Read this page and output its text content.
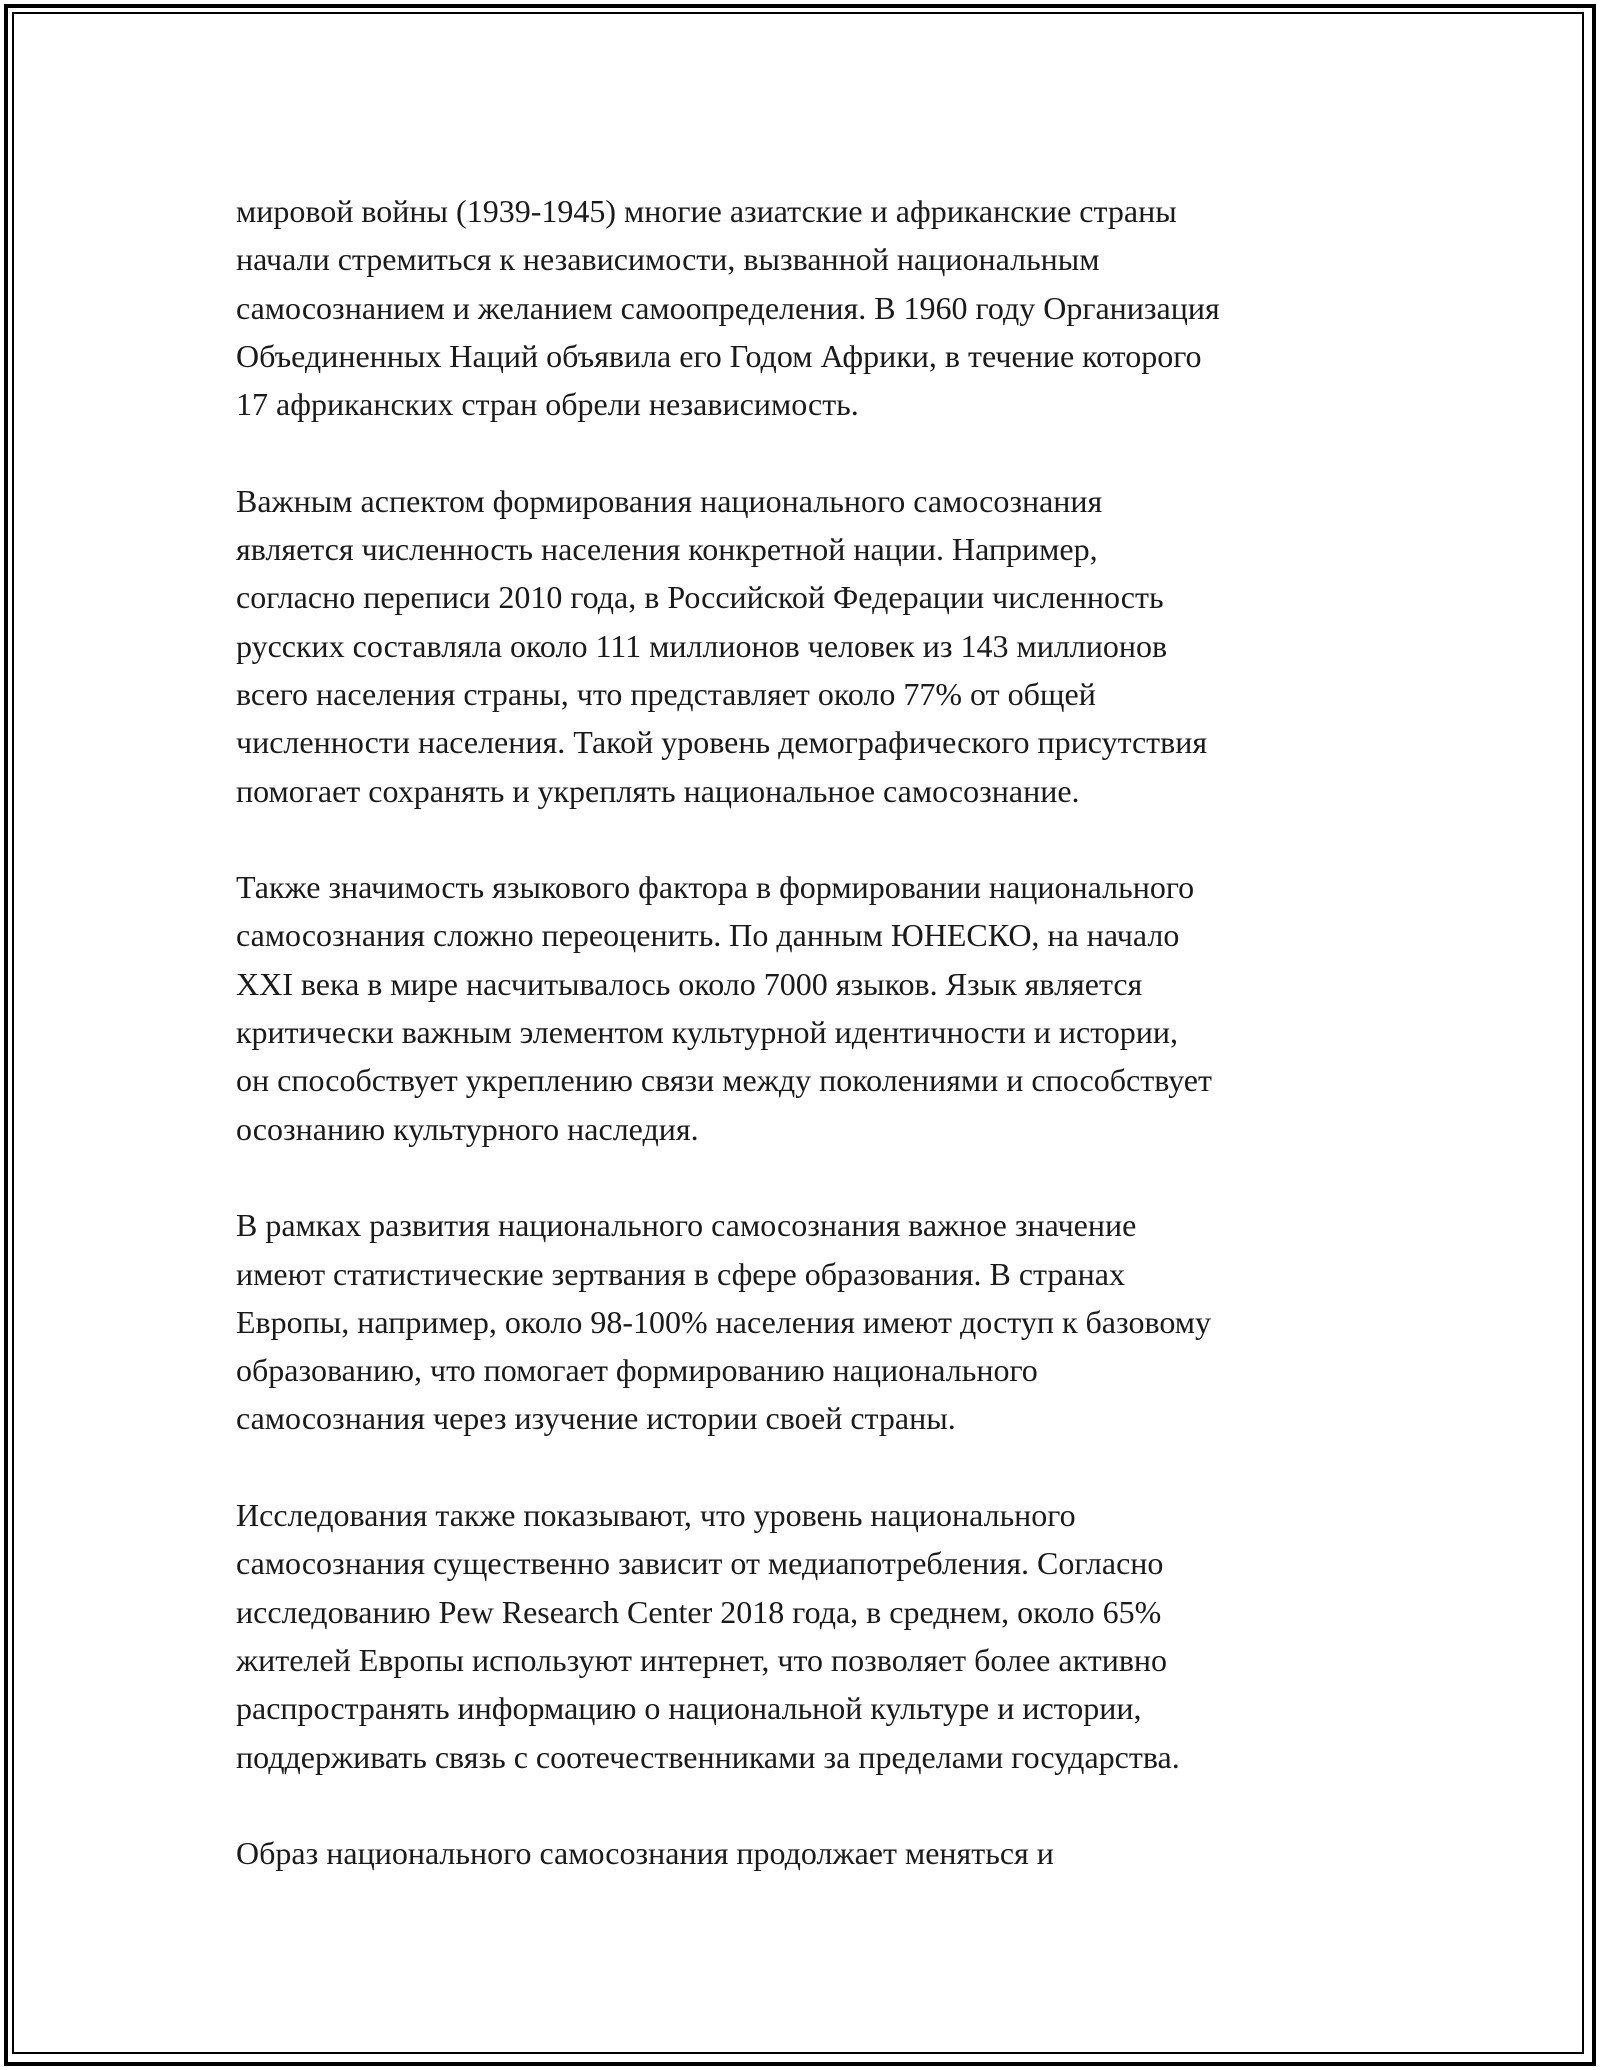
мировой войны (1939-1945) многие азиатские и африканские страны
начали стремиться к независимости, вызванной национальным
самосознанием и желанием самоопределения. В 1960 году Организация
Объединенных Наций объявила его Годом Африки, в течение которого
17 африканских стран обрели независимость.

Важным аспектом формирования национального самосознания
является численность населения конкретной нации. Например,
согласно переписи 2010 года, в Российской Федерации численность
русских составляла около 111 миллионов человек из 143 миллионов
всего населения страны, что представляет около 77% от общей
численности населения. Такой уровень демографического присутствия
помогает сохранять и укреплять национальное самосознание.

Также значимость языкового фактора в формировании национального
самосознания сложно переоценить. По данным ЮНЕСКО, на начало
XXI века в мире насчитывалось около 7000 языков. Язык является
критически важным элементом культурной идентичности и истории,
он способствует укреплению связи между поколениями и способствует
осознанию культурного наследия.

В рамках развития национального самосознания важное значение
имеют статистические зертвания в сфере образования. В странах
Европы, например, около 98-100% населения имеют доступ к базовому
образованию, что помогает формированию национального
самосознания через изучение истории своей страны.

Исследования также показывают, что уровень национального
самосознания существенно зависит от медиапотребления. Согласно
исследованию Pew Research Center 2018 года, в среднем, около 65%
жителей Европы используют интернет, что позволяет более активно
распространять информацию о национальной культуре и истории,
поддерживать связь с соотечественниками за пределами государства.

Образ национального самосознания продолжает меняться и
